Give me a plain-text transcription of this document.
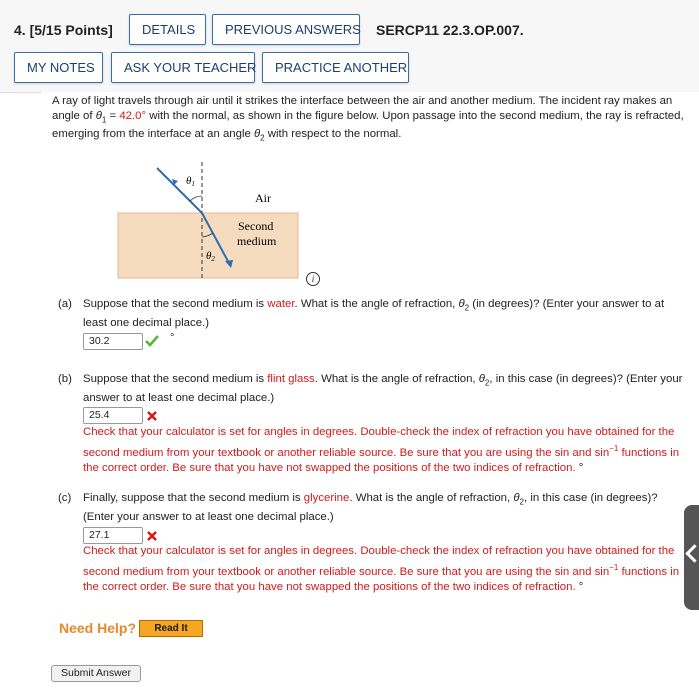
4. [5/15 Points]	DETAILS	PREVIOUS ANSWERS SERCP11 22.3.OP.007.
MY NOTES	ASK YOUR TEACHER	PRACTICE ANOTHER
A ray of light travels through air until it strikes the interface between the air and another medium. The incident ray makes an angle of $\theta_1 = 42.0^\circ$ with the normal, as shown in the figure below. Upon passage into the second medium, the ray is refracted, emerging from the interface at an angle $\theta_2$ with respect to the normal.
θ1
Air
Second
medium
θ2
i
(a) Suppose that the second medium is water. What is the angle of refraction, $\theta_2$ (in degrees)? (Enter your answer to at least one decimal place.)
30.2	°
(b) Suppose that the second medium is flint glass. What is the angle of refraction, $\theta_2$, in this case (in degrees)? (Enter your answer to at least one decimal place.)
25.4
Check that your calculator is set for angles in degrees. Double-check the index of refraction you have obtained for the second medium from your textbook or another reliable source. Be sure that you are using the sin and $\sin^{-1}$ functions in the correct order. Be sure that you have not swapped the positions of the two indices of refraction. °
(c) Finally, suppose that the second medium is glycerine. What is the angle of refraction, $\theta_2$, in this case (in degrees)? (Enter your answer to at least one decimal place.)
27.1
Check that your calculator is set for angles in degrees. Double-check the index of refraction you have obtained for the second medium from your textbook or another reliable source. Be sure that you are using the sin and $\sin^{-1}$ functions in the correct order. Be sure that you have not swapped the positions of the two indices of refraction. °
Need Help?	Read It
Submit Answer
